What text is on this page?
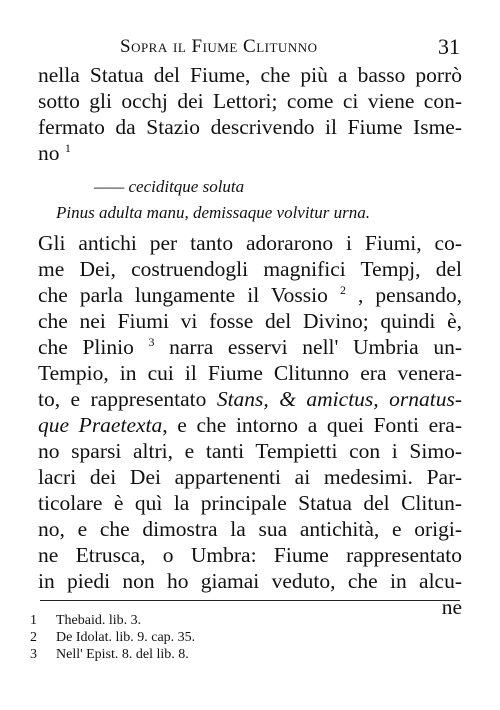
Sopra il Fiume Clitunno	31
nella Statua del Fiume, che più a basso porrò
sotto gli occhj dei Lettori; come ci viene con-
fermato da Stazio descrivendo il Fiume Isme-
no $^1$
—— ceciditque soluta
Pinus adulta manu, demissaque volvitur urna.
Gli antichi per tanto adorarono i Fiumi, co-
me Dei, costruendogli magnifici Tempj, del
che parla lungamente il Vossio $^2$ , pensando,
che nei Fiumi vi fosse del Divino; quindi è,
che Plinio $^3$ narra esservi nell' Umbria un-
Tempio, in cui il Fiume Clitunno era venera-
to, e rappresentato Stans, & amictus, ornatus-
que Praetexta, e che intorno a quei Fonti era-
no sparsi altri, e tanti Tempietti con i Simo-
lacri dei Dei appartenenti ai medesimi. Par-
ticolare è quì la principale Statua del Clitun-
no, e che dimostra la sua antichità, e origi-
ne Etrusca, o Umbra: Fiume rappresentato
in piedi non ho giamai veduto, che in alcu-
ne
1 Thebaid. lib. 3.
2 De Idolat. lib. 9. cap. 35.
3 Nell' Epist. 8. del lib. 8.
